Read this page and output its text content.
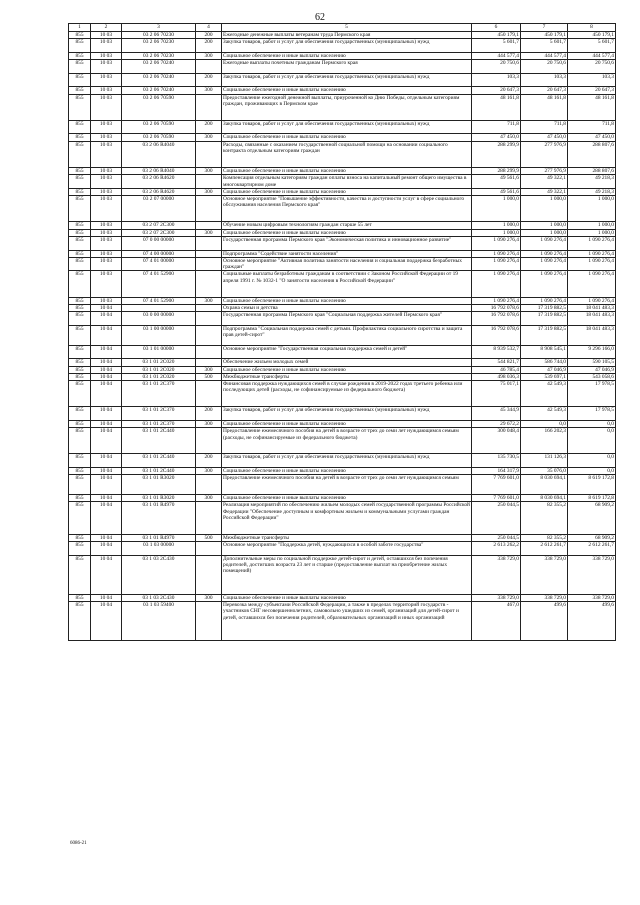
62
1	2	3	4	5	6	7	8
855	10 03	03 2 06 70230	200	Ежегодные денежные выплаты ветеранам труда Пермского края	450 179,1	450 179,1	450 179,1
855	10 03	03 2 06 70230	200	Закупка товаров, работ и услуг для обеспечения государственных (муниципальных) нужд	5 601,7	5 601,7	5 601,7
855	10 03	03 2 06 70230	300	Социальное обеспечение и иные выплаты населению	444 577,4	444 577,4	444 577,4
855	10 03	03 2 06 70240		Ежегодные выплаты почетным гражданам Пермского края	20 750,6	20 750,6	20 750,6
855	10 03	03 2 06 70240	200	Закупка товаров, работ и услуг для обеспечения государственных (муниципальных) нужд	103,3	103,3	103,3
855	10 03	03 2 06 70240	300	Социальное обеспечение и иные выплаты населению	20 647,3	20 647,3	20 647,3
855	10 03	03 2 06 70590		Предоставление ежегодной денежной выплаты, приуроченной ко Дню Победы, отдельным категориям граждан, проживающих в Пермском крае	48 161,8	48 161,8	48 161,8
855	10 03	03 2 06 70590	200	Закупка товаров, работ и услуг для обеспечения государственных (муниципальных) нужд	711,8	711,8	711,8
855	10 03	03 2 06 70590	300	Социальное обеспечение и иные выплаты населению	47 450,0	47 450,0	47 450,0
855	10 03	03 2 06 R4040		Расходы, связанные с оказанием государственной социальной помощи на основании социального контракта отдельным категориям граждан	288 299,9	277 976,9	288 807,6
855	10 03	03 2 06 R4040	300	Социальное обеспечение и иные выплаты населению	288 299,9	277 976,9	288 807,6
855	10 03	03 2 06 R4620		Компенсация отдельным категориям граждан оплаты взноса на капитальный ремонт общего имущества в многоквартирном доме	49 561,6	49 322,1	49 218,3
855	10 03	03 2 06 R4620	300	Социальное обеспечение и иные выплаты населению	49 561,6	49 322,1	49 218,3
855	10 03	03 2 07 00000		Основное мероприятие "Повышение эффективности, качества и доступности услуг в сфере социального обслуживания населения Пермского края"	1 000,0	1 000,0	1 000,0
855	10 03	03 2 07 2C300		Обучение новым цифровым технологиям граждан старше 55 лет	1 000,0	1 000,0	1 000,0
855	10 03	03 2 07 2C300	300	Социальное обеспечение и иные выплаты населению	1 000,0	1 000,0	1 000,0
855	10 03	07 0 00 00000		Государственная программа Пермского края "Экономическая политика и инновационное развитие"	1 090 276,4	1 090 276,4	1 090 276,4
855	10 03	07 4 00 00000		Подпрограмма "Содействие занятости населения"	1 090 276,4	1 090 276,4	1 090 276,4
855	10 03	07 4 01 00000		Основное мероприятие "Активная политика занятости населения и социальная поддержка безработных граждан"	1 090 276,4	1 090 276,4	1 090 276,4
855	10 03	07 4 01 52900		Социальные выплаты безработным гражданам в соответствии с Законом Российской Федерации от 19 апреля 1991 г. № 1032-1 "О занятости населения в Российской Федерации"	1 090 276,4	1 090 276,4	1 090 276,4
855	10 03	07 4 01 52900	300	Социальное обеспечение и иные выплаты населению	1 090 276,4	1 090 276,4	1 090 276,4
855	10 04			Охрана семьи и детства	16 792 078,6	17 319 882,5	18 041 483,3
855	10 04	03 0 00 00000		Государственная программа Пермского края "Социальная поддержка жителей Пермского края"	16 792 078,6	17 319 882,5	18 041 483,3
855	10 04	03 1 00 00000		Подпрограмма "Социальная поддержка семей с детьми. Профилактика социального сиротства и защита прав детей-сирот"	16 792 078,6	17 319 882,5	18 041 483,3
855	10 04	03 1 01 00000		Основное мероприятие "Государственная социальная поддержка семей и детей"	8 939 532,7	8 908 545,1	9 296 166,0
855	10 04	03 1 01 2C020		Обеспечение жильем молодых семей	544 821,7	586 744,0	590 105,5
855	10 04	03 1 01 2C020	300	Социальное обеспечение и иные выплаты населению	46 785,4	47 046,9	47 046,9
855	10 04	03 1 01 2C020	500	Межбюджетные трансферты	498 036,3	539 697,1	543 058,6
855	10 04	03 1 01 2C370		Финансовая поддержка нуждающихся семей в случае рождения в 2019-2022 годах третьего ребенка или последующих детей (расходы, не софинансируемые из федерального бюджета)	75 017,1	42 549,3	17 978,5
855	10 04	03 1 01 2C370	200	Закупка товаров, работ и услуг для обеспечения государственных (муниципальных) нужд	45 344,9	42 549,3	17 978,5
855	10 04	03 1 01 2C370	300	Социальное обеспечение и иные выплаты населению	29 672,2	0,0	0,0
855	10 04	03 1 01 2C440		Предоставление ежемесячного пособия на детей в возрасте от трех до семи лет нуждающимся семьям (расходы, не софинансируемые из федерального бюджета)	300 048,4	166 202,3	0,0
855	10 04	03 1 01 2C440	200	Закупка товаров, работ и услуг для обеспечения государственных (муниципальных) нужд	135 730,5	131 126,3	0,0
855	10 04	03 1 01 2C440	300	Социальное обеспечение и иные выплаты населению	164 317,9	35 076,0	0,0
855	10 04	03 1 01 R3020		Предоставление ежемесячного пособия на детей в возрасте от трех до семи лет нуждающимся семьям	7 769 601,0	8 030 694,1	8 619 172,8
855	10 04	03 1 01 R3020	300	Социальное обеспечение и иные выплаты населению	7 769 601,0	8 030 694,1	8 619 172,8
855	10 04	03 1 01 R4970		Реализация мероприятий по обеспечению жильем молодых семей государственной программы Российской Федерации "Обеспечение доступным и комфортным жильем и коммунальными услугами граждан Российской Федерации"	250 044,5	82 355,2	68 909,2
855	10 04	03 1 01 R4970	500	Межбюджетные трансферты	250 044,5	82 355,2	68 909,2
855	10 04	03 1 03 00000		Основное мероприятие "Поддержка детей, нуждающихся в особой заботе государства"	2 613 262,2	2 612 261,7	2 612 261,7
855	10 04	03 1 03 2C430		Дополнительные меры по социальной поддержке детей-сирот и детей, оставшихся без попечения родителей, достигших возраста 23 лет и старше (предоставление выплат на приобретение жилых помещений)	338 729,0	338 729,0	338 729,0
855	10 04	03 1 03 2C430	300	Социальное обеспечение и иные выплаты населению	338 729,0	338 729,0	338 729,0
855	10 04	03 1 03 59400		Перевозка между субъектами Российской Федерации, а также в пределах территорий государств - участников СНГ несовершеннолетних, самовольно ушедших из семей, организаций для детей-сирот и детей, оставшихся без попечения родителей, образовательных организаций и иных организаций	467,0	499,6	499,6
6086-21
